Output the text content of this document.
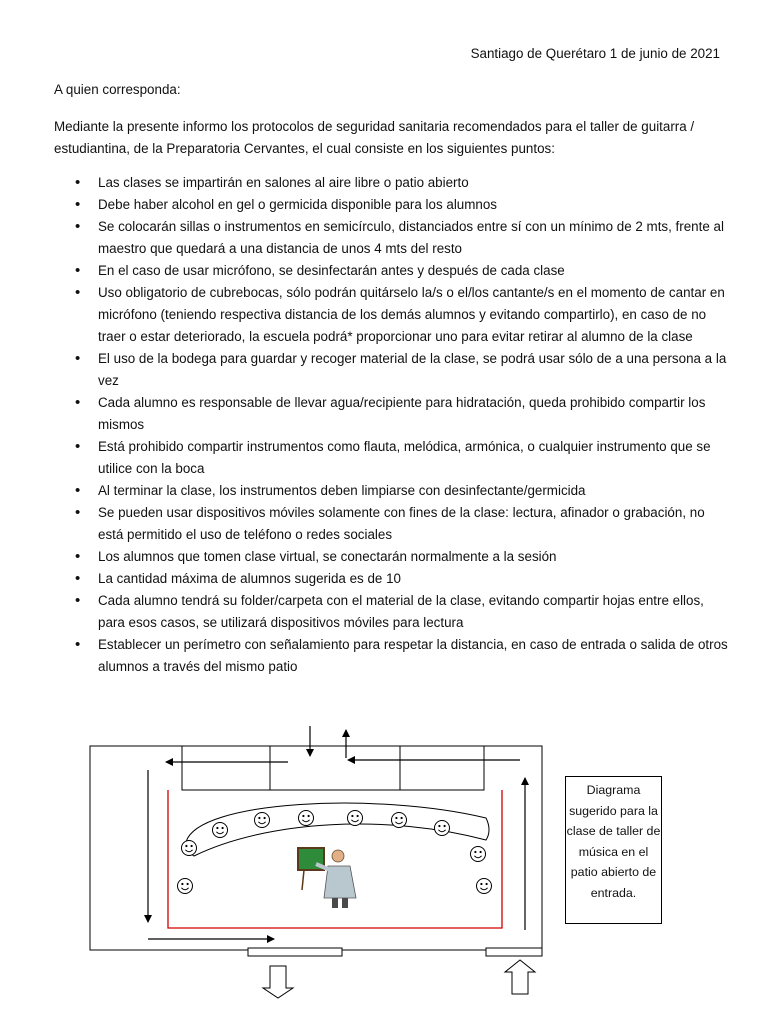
Santiago de Querétaro 1 de junio de 2021
A quien corresponda:
Mediante la presente informo los protocolos de seguridad sanitaria recomendados para el taller de guitarra / estudiantina, de la Preparatoria Cervantes, el cual consiste en los siguientes puntos:
• Las clases se impartirán en salones al aire libre o patio abierto
• Debe haber alcohol en gel o germicida disponible para los alumnos
• Se colocarán sillas o instrumentos en semicírculo, distanciados entre sí con un mínimo de 2 mts, frente al maestro que quedará a una distancia de unos 4 mts del resto
• En el caso de usar micrófono, se desinfectarán antes y después de cada clase
• Uso obligatorio de cubrebocas, sólo podrán quitárselo la/s o el/los cantante/s en el momento de cantar en micrófono (teniendo respectiva distancia de los demás alumnos y evitando compartirlo), en caso de no traer o estar deteriorado, la escuela podrá* proporcionar uno para evitar retirar al alumno de la clase
• El uso de la bodega para guardar y recoger material de la clase, se podrá usar sólo de a una persona a la vez
• Cada alumno es responsable de llevar agua/recipiente para hidratación, queda prohibido compartir los mismos
• Está prohibido compartir instrumentos como flauta, melódica, armónica, o cualquier instrumento que se utilice con la boca
• Al terminar la clase, los instrumentos deben limpiarse con desinfectante/germicida
• Se pueden usar dispositivos móviles solamente con fines de la clase: lectura, afinador o grabación, no está permitido el uso de teléfono o redes sociales
• Los alumnos que tomen clase virtual, se conectarán normalmente a la sesión
• La cantidad máxima de alumnos sugerida es de 10
• Cada alumno tendrá su folder/carpeta con el material de la clase, evitando compartir hojas entre ellos, para esos casos, se utilizará dispositivos móviles para lectura
• Establecer un perímetro con señalamiento para respetar la distancia, en caso de entrada o salida de otros alumnos a través del mismo patio
Diagrama sugerido para la clase de taller de música en el patio abierto de entrada.
